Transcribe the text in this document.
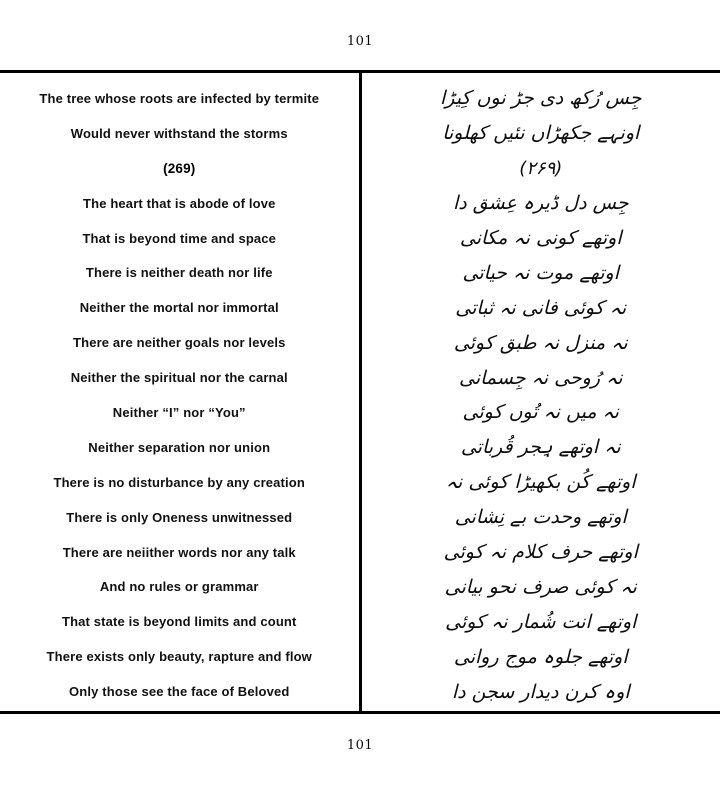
101
The tree whose roots are infected by termite
Would never withstand the storms
(269)
The heart that is abode of love
That is beyond time and space
There is neither death nor life
Neither the mortal nor immortal
There are neither goals nor levels
Neither the spiritual nor the carnal
Neither “I” nor “You”
Neither separation nor union
There is no disturbance by any creation
There is only Oneness unwitnessed
There are neiither words nor any talk
And no rules or grammar
That state is beyond limits and count
There exists only beauty, rapture and flow
Only those see the face of Beloved
جِس رُکھ دی جڑ نوں کِیڑا
اونہے جکھڑاں نئیں کھلونا
(۲۶۹)
جِس دل ڈیرہ عِشق دا
اوتھے کونی نہ مکانی
اوتھے موت نہ حیاتی
نہ کوئی فانی نہ ثباتی
نہ منزل نہ طبق کوئی
نہ رُوحی نہ جِسمانی
نہ میں نہ تُوں کوئی
نہ اوتھے ہِجر قُرباتی
اوتھے کُن بکھیڑا کوئی نہ
اوتھے وحدت بے نِشانی
اوتھے حرف کلام نہ کوئی
نہ کوئی صرف نحو بیانی
اوتھے انت شُمار نہ کوئی
اوتھے جلوہ موج روانی
اوہ کرن دیدار سجن دا
101
